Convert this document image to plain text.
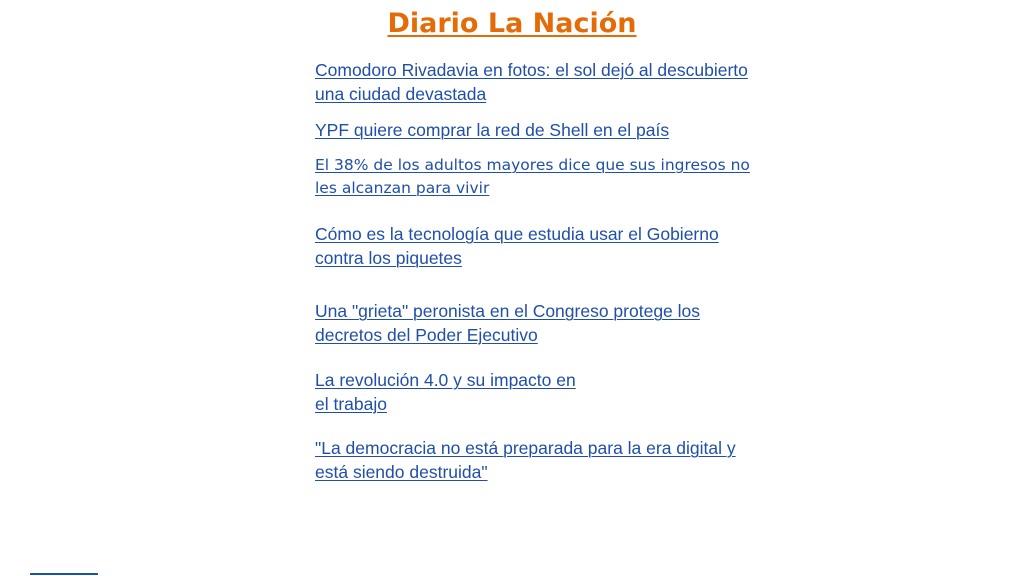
Diario La Nación
Comodoro Rivadavia en fotos: el sol dejó al descubierto
una ciudad devastada
YPF quiere comprar la red de Shell en el país
El 38% de los adultos mayores dice que sus ingresos no
les alcanzan para vivir
Cómo es la tecnología que estudia usar el Gobierno
contra los piquetes
Una "grieta" peronista en el Congreso protege los
decretos del Poder Ejecutivo
La revolución 4.0 y su impacto en
el trabajo
"La democracia no está preparada para la era digital y
está siendo destruida"
